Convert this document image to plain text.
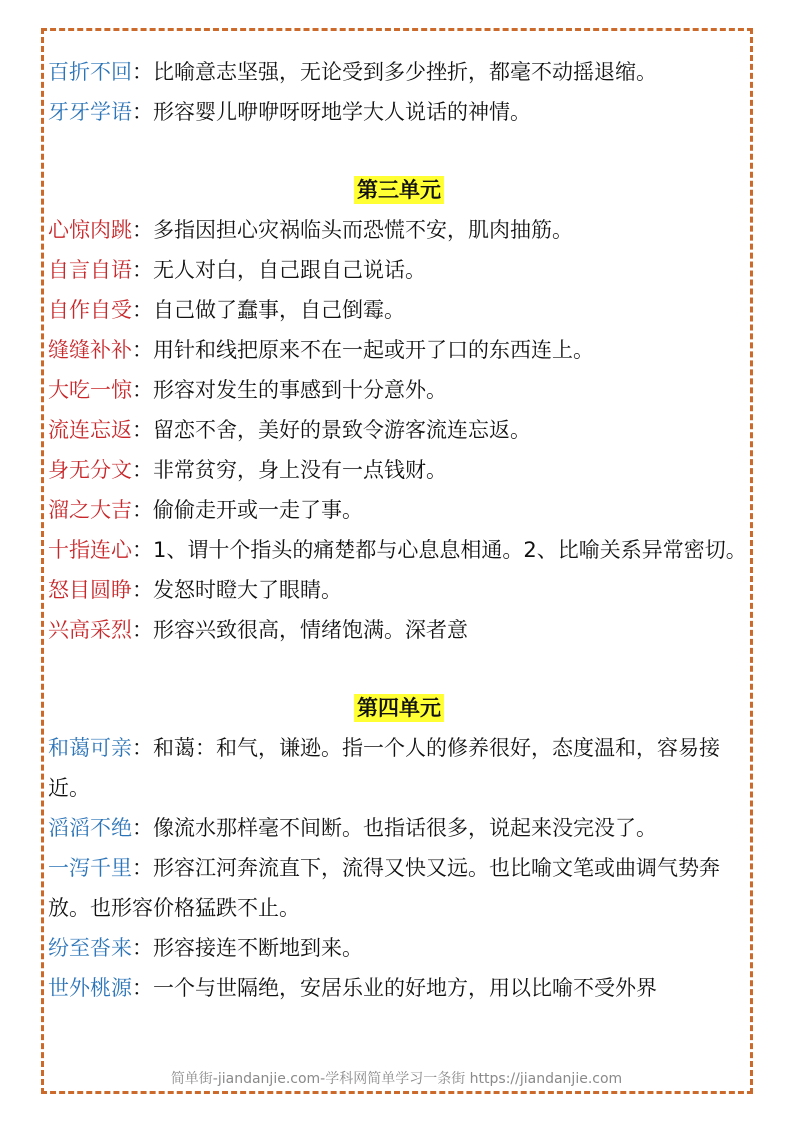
百折不回：比喻意志坚强，无论受到多少挫折，都毫不动摇退缩。

牙牙学语：形容婴儿咿咿呀呀地学大人说话的神情。

第三单元

心惊肉跳：多指因担心灾祸临头而恐慌不安，肌肉抽筋。

自言自语：无人对白，自己跟自己说话。

自作自受：自己做了蠢事，自己倒霉。

缝缝补补：用针和线把原来不在一起或开了口的东西连上。

大吃一惊：形容对发生的事感到十分意外。

流连忘返：留恋不舍，美好的景致令游客流连忘返。

身无分文：非常贫穷，身上没有一点钱财。

溜之大吉：偷偷走开或一走了事。

十指连心：1、谓十个指头的痛楚都与心息息相通。2、比喻关系异常密切。

怒目圆睁：发怒时瞪大了眼睛。

兴高采烈：形容兴致很高，情绪饱满。深者意

第四单元

和蔼可亲：和蔼：和气，谦逊。指一个人的修养很好，态度温和，容易接近。

滔滔不绝：像流水那样毫不间断。也指话很多，说起来没完没了。

一泻千里：形容江河奔流直下，流得又快又远。也比喻文笔或曲调气势奔放。也形容价格猛跌不止。

纷至沓来：形容接连不断地到来。

世外桃源：一个与世隔绝，安居乐业的好地方，用以比喻不受外界

简单街-jiandanjie.com-学科网简单学习一条街 https://jiandanjie.com
